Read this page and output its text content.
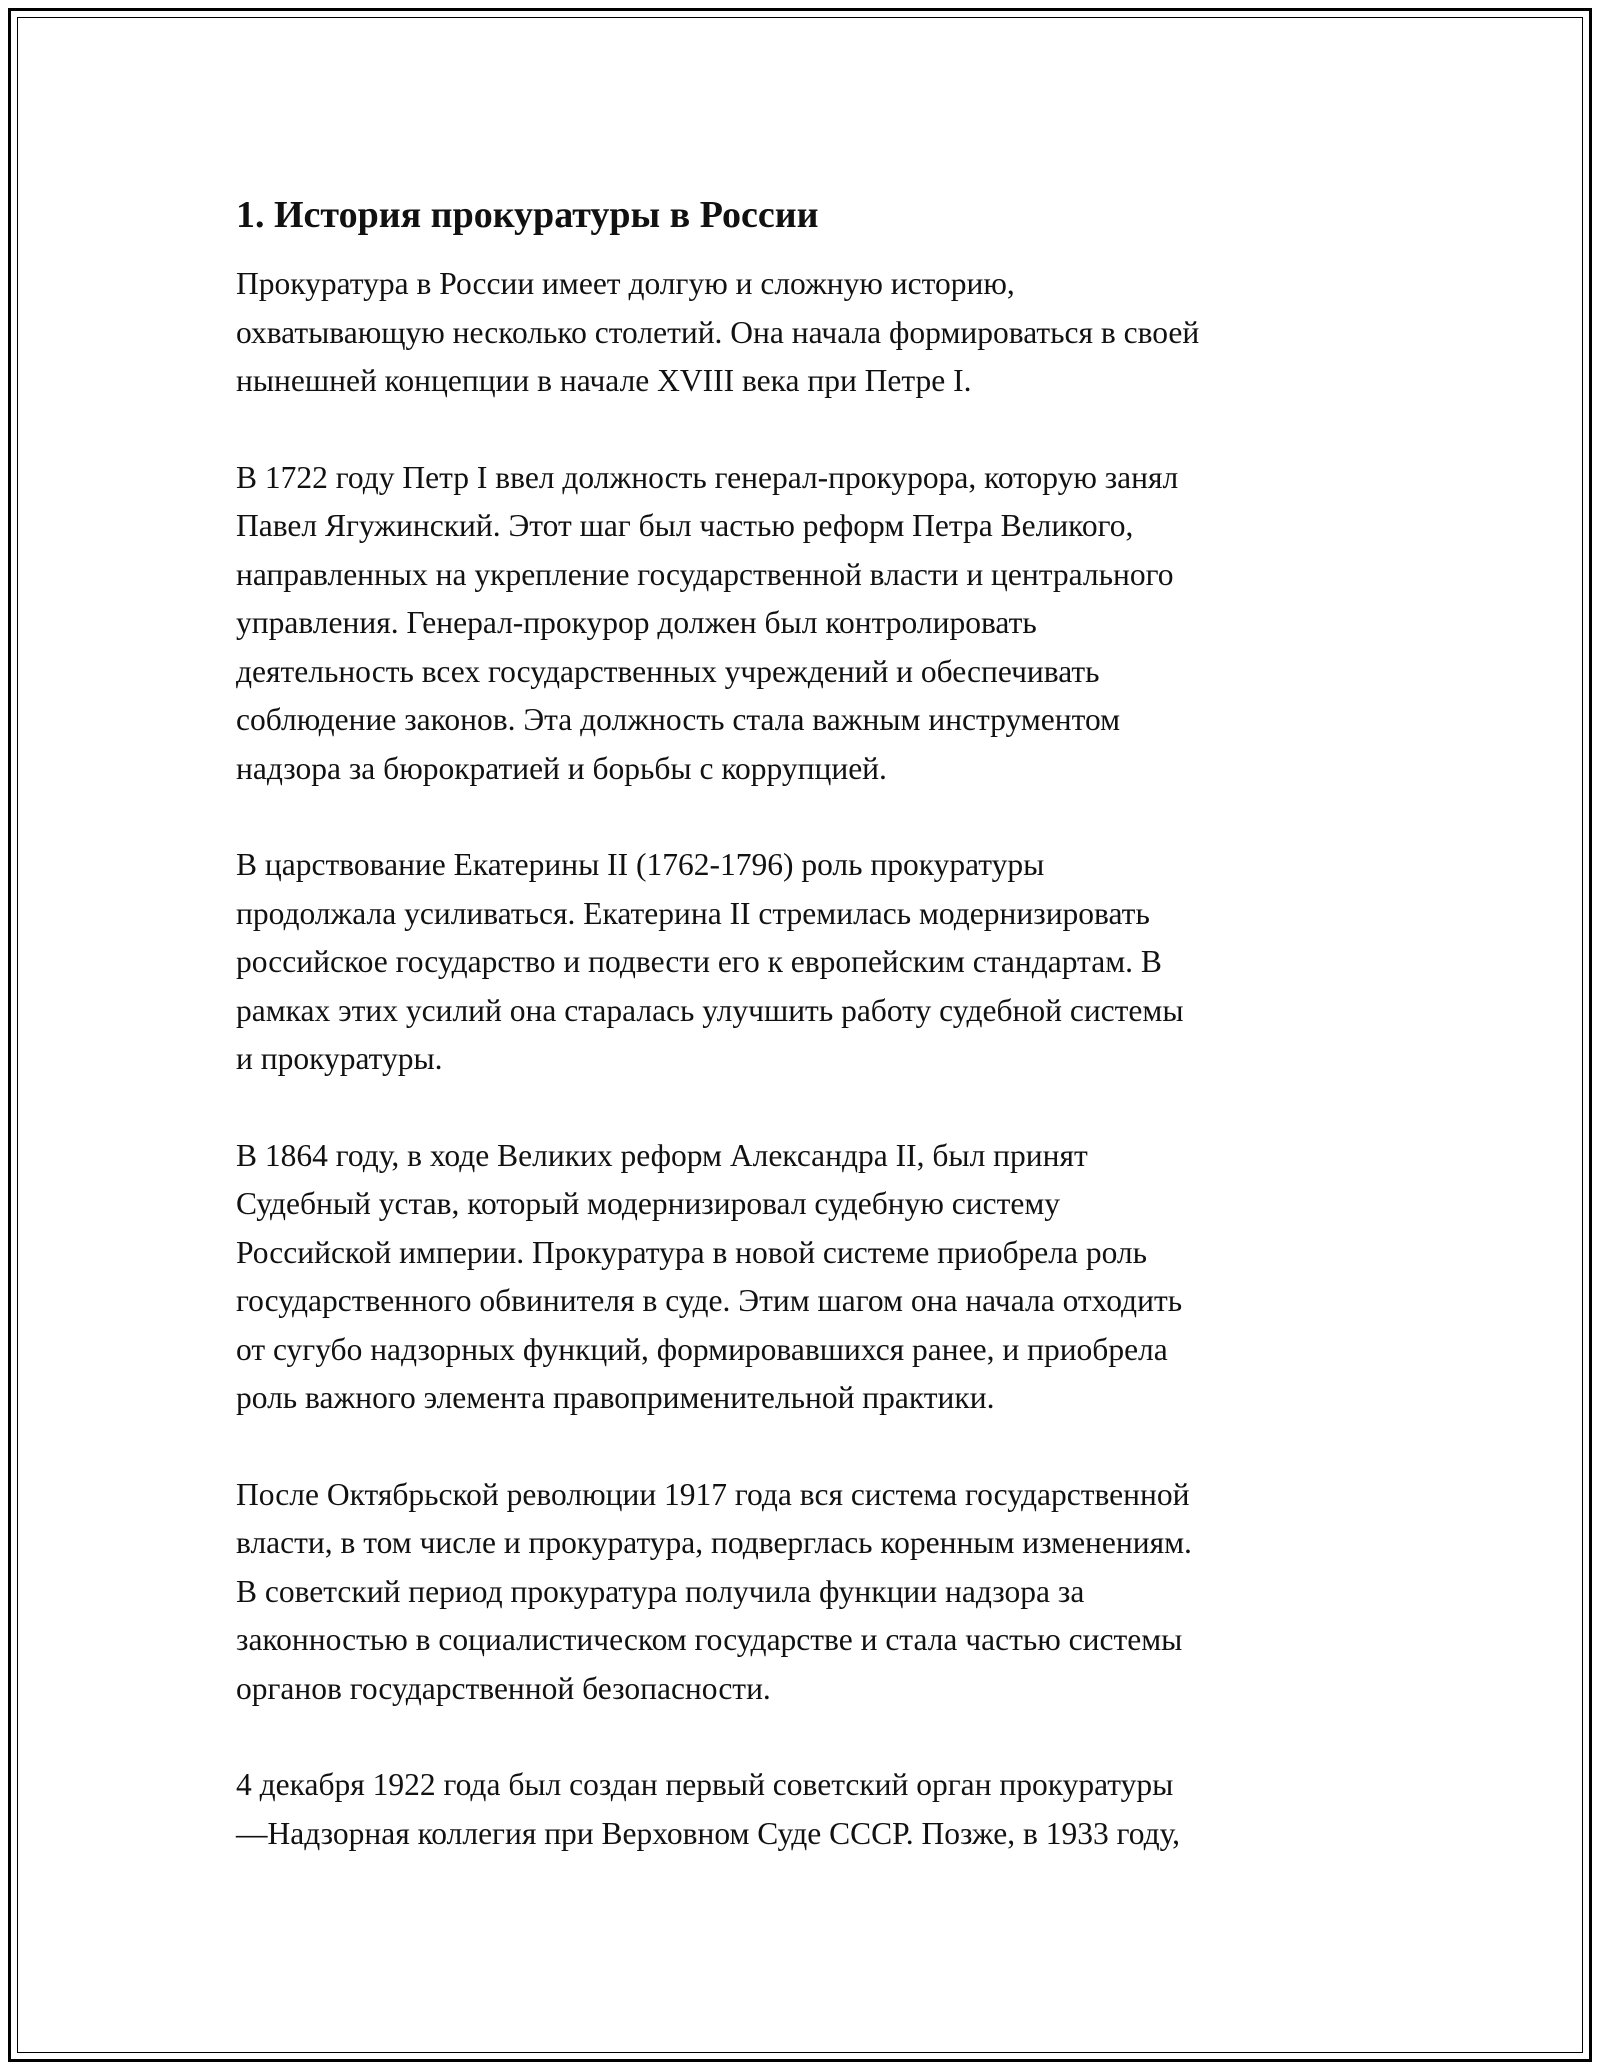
1. История прокуратуры в России

Прокуратура в России имеет долгую и сложную историю,
охватывающую несколько столетий. Она начала формироваться в своей
нынешней концепции в начале XVIII века при Петре I.

В 1722 году Петр I ввел должность генерал-прокурора, которую занял
Павел Ягужинский. Этот шаг был частью реформ Петра Великого,
направленных на укрепление государственной власти и центрального
управления. Генерал-прокурор должен был контролировать
деятельность всех государственных учреждений и обеспечивать
соблюдение законов. Эта должность стала важным инструментом
надзора за бюрократией и борьбы с коррупцией.

В царствование Екатерины II (1762-1796) роль прокуратуры
продолжала усиливаться. Екатерина II стремилась модернизировать
российское государство и подвести его к европейским стандартам. В
рамках этих усилий она старалась улучшить работу судебной системы
и прокуратуры.

В 1864 году, в ходе Великих реформ Александра II, был принят
Судебный устав, который модернизировал судебную систему
Российской империи. Прокуратура в новой системе приобрела роль
государственного обвинителя в суде. Этим шагом она начала отходить
от сугубо надзорных функций, формировавшихся ранее, и приобрела
роль важного элемента правоприменительной практики.

После Октябрьской революции 1917 года вся система государственной
власти, в том числе и прокуратура, подверглась коренным изменениям.
В советский период прокуратура получила функции надзора за
законностью в социалистическом государстве и стала частью системы
органов государственной безопасности.

4 декабря 1922 года был создан первый советский орган прокуратуры
—Надзорная коллегия при Верховном Суде СССР. Позже, в 1933 году,
